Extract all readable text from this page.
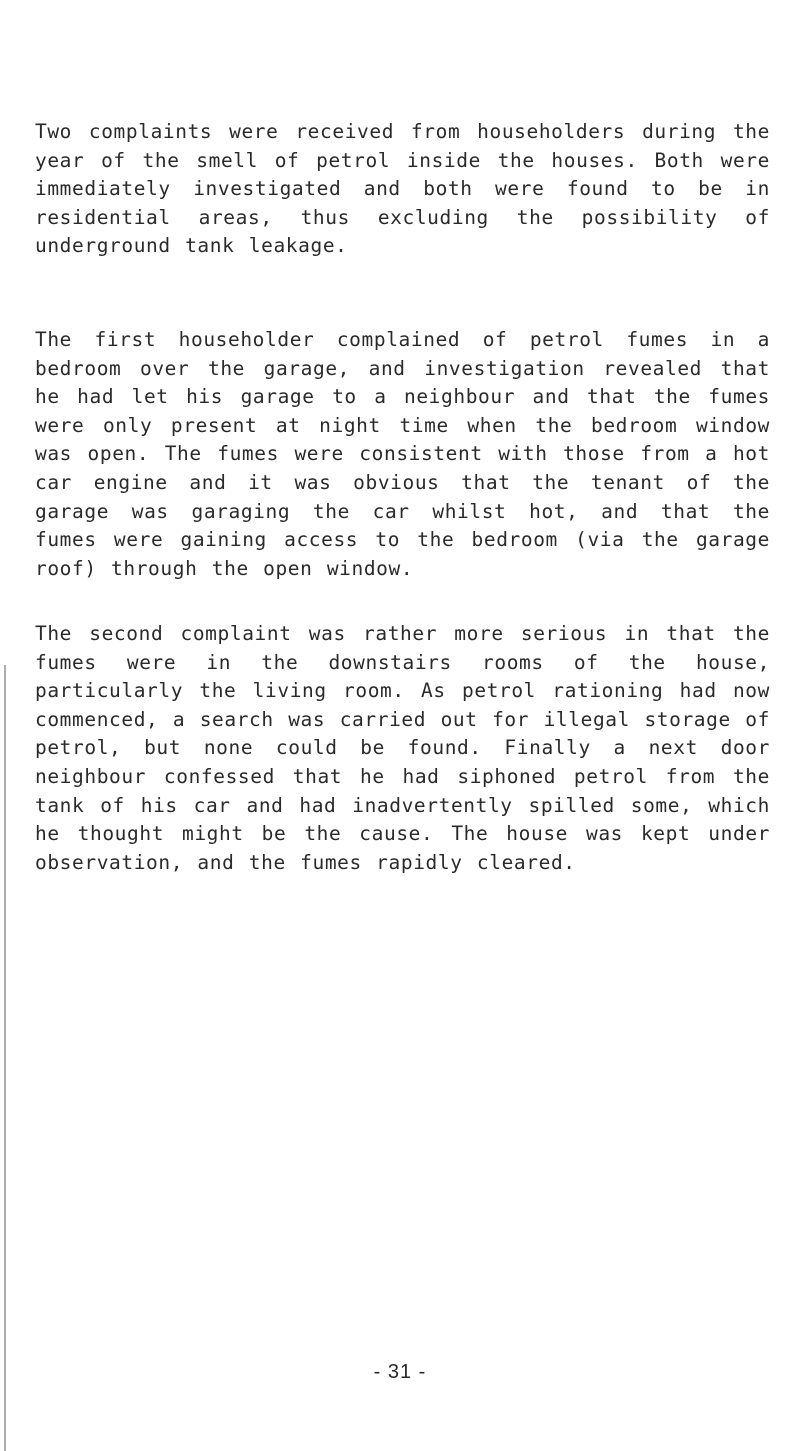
Two complaints were received from householders during the year of the smell of petrol inside the houses. Both were immediately investigated and both were found to be in residential areas, thus excluding the possibility of underground tank leakage.

The first householder complained of petrol fumes in a bedroom over the garage, and investigation revealed that he had let his garage to a neighbour and that the fumes were only present at night time when the bedroom window was open. The fumes were consistent with those from a hot car engine and it was obvious that the tenant of the garage was garaging the car whilst hot, and that the fumes were gaining access to the bedroom (via the garage roof) through the open window.

The second complaint was rather more serious in that the fumes were in the downstairs rooms of the house, particularly the living room. As petrol rationing had now commenced, a search was carried out for illegal storage of petrol, but none could be found. Finally a next door neighbour confessed that he had siphoned petrol from the tank of his car and had inadvertently spilled some, which he thought might be the cause. The house was kept under observation, and the fumes rapidly cleared.

- 31 -
